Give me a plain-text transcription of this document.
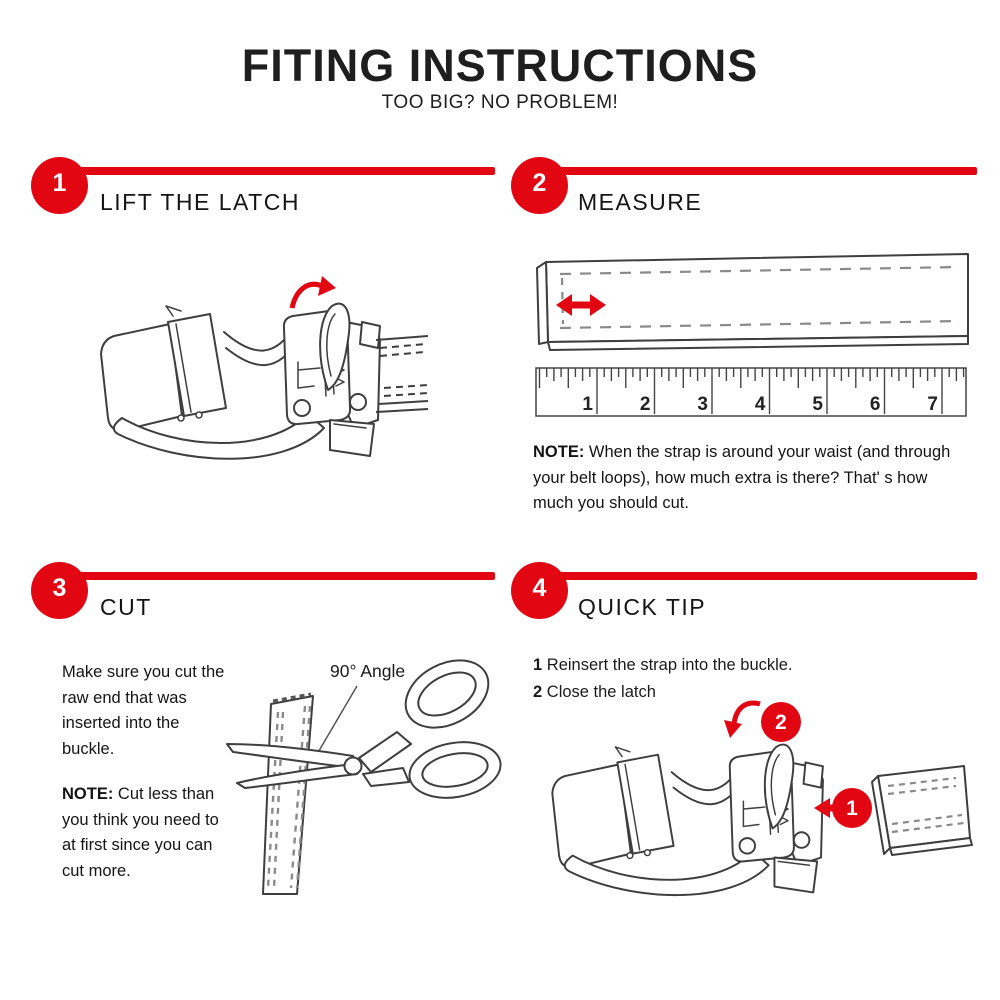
FITING INSTRUCTIONS
TOO BIG? NO PROBLEM!
1
LIFT THE LATCH
2
MEASURE
1 2 3 4 5 6 7
NOTE: When the strap is around your waist (and through
your belt loops), how much extra is there? That' s how
much you should cut.
3
CUT
4
QUICK TIP
Make sure you cut the
raw end that was
inserted into the
buckle.
NOTE: Cut less than
you think you need to
at first since you can
cut more.
90° Angle	1 Reinsert the strap into the buckle.
2 Close the latch
2
1
